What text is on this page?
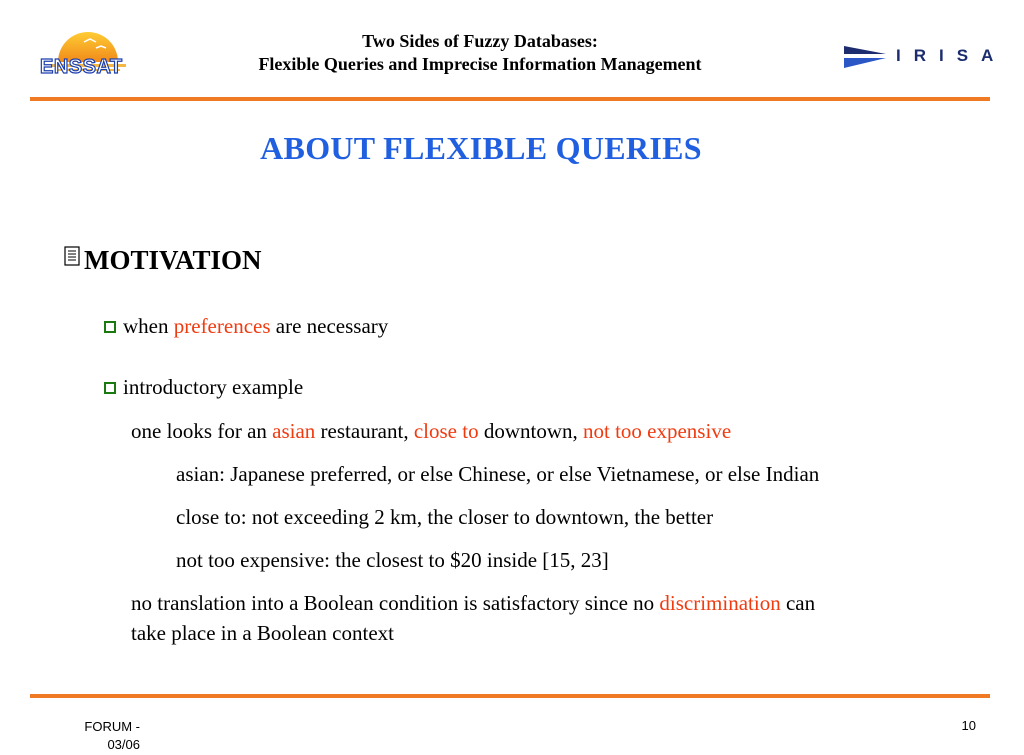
ENSSAT
Two Sides of Fuzzy Databases:
Flexible Queries and Imprecise Information Management	IRISA
ABOUT FLEXIBLE QUERIES
MOTIVATION
when preferences are necessary
introductory example
one looks for an asian restaurant, close to downtown, not too expensive
asian: Japanese preferred, or else Chinese, or else Vietnamese, or else Indian
close to: not exceeding 2 km, the closer to downtown, the better
not too expensive: the closest to $20 inside [15, 23]
no translation into a Boolean condition is satisfactory since no discrimination can
take place in a Boolean context
FORUM -
03/06
10
